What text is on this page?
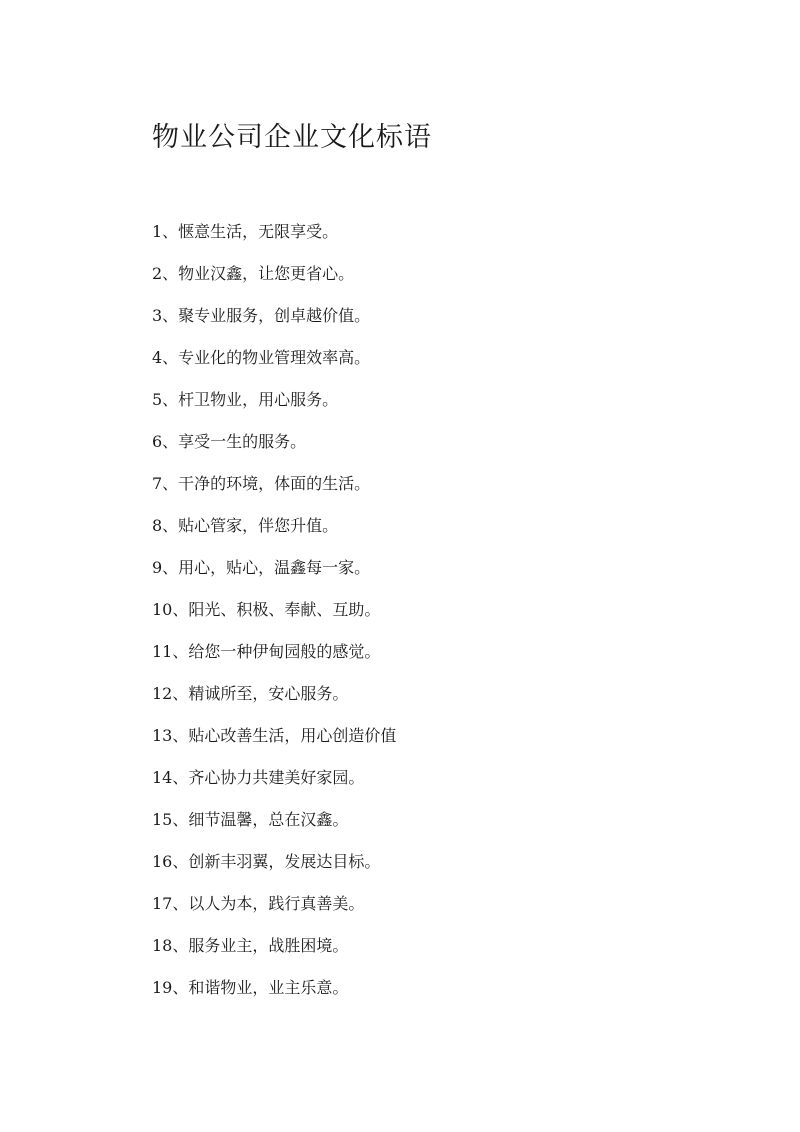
物业公司企业文化标语
1、惬意生活，无限享受。
2、物业汉鑫，让您更省心。
3、聚专业服务，创卓越价值。
4、专业化的物业管理效率高。
5、杆卫物业，用心服务。
6、享受一生的服务。
7、干净的环境，体面的生活。
8、贴心管家，伴您升值。
9、用心，贴心，温鑫每一家。
10、阳光、积极、奉献、互助。
11、给您一种伊甸园般的感觉。
12、精诚所至，安心服务。
13、贴心改善生活，用心创造价值
14、齐心协力共建美好家园。
15、细节温馨，总在汉鑫。
16、创新丰羽翼，发展达目标。
17、以人为本，践行真善美。
18、服务业主，战胜困境。
19、和谐物业，业主乐意。
